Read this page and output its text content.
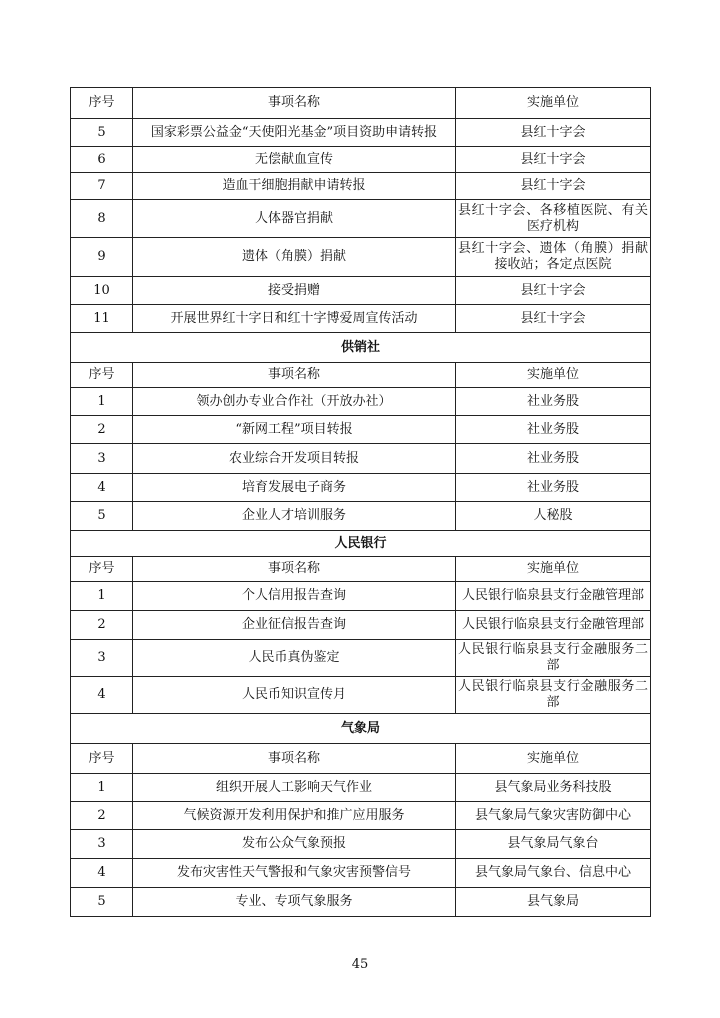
序号	事项名称	实施单位
5	国家彩票公益金“天使阳光基金”项目资助申请转报	县红十字会
6	无偿献血宣传	县红十字会
7	造血干细胞捐献申请转报	县红十字会
8	人体器官捐献	县红十字会、各移植医院、有关医疗机构
9	遗体（角膜）捐献	县红十字会、遗体（角膜）捐献接收站；各定点医院
10	接受捐赠	县红十字会
11	开展世界红十字日和红十字博爱周宣传活动	县红十字会
供销社		
序号	事项名称	实施单位
1	领办创办专业合作社（开放办社）	社业务股
2	“新网工程”项目转报	社业务股
3	农业综合开发项目转报	社业务股
4	培育发展电子商务	社业务股
5	企业人才培训服务	人秘股
人民银行		
序号	事项名称	实施单位
1	个人信用报告查询	人民银行临泉县支行金融管理部
2	企业征信报告查询	人民银行临泉县支行金融管理部
3	人民币真伪鉴定	人民银行临泉县支行金融服务二部
4	人民币知识宣传月	人民银行临泉县支行金融服务二部
气象局		
序号	事项名称	实施单位
1	组织开展人工影响天气作业	县气象局业务科技股
2	气候资源开发利用保护和推广应用服务	县气象局气象灾害防御中心
3	发布公众气象预报	县气象局气象台
4	发布灾害性天气警报和气象灾害预警信号	县气象局气象台、信息中心
5	专业、专项气象服务	县气象局
45
